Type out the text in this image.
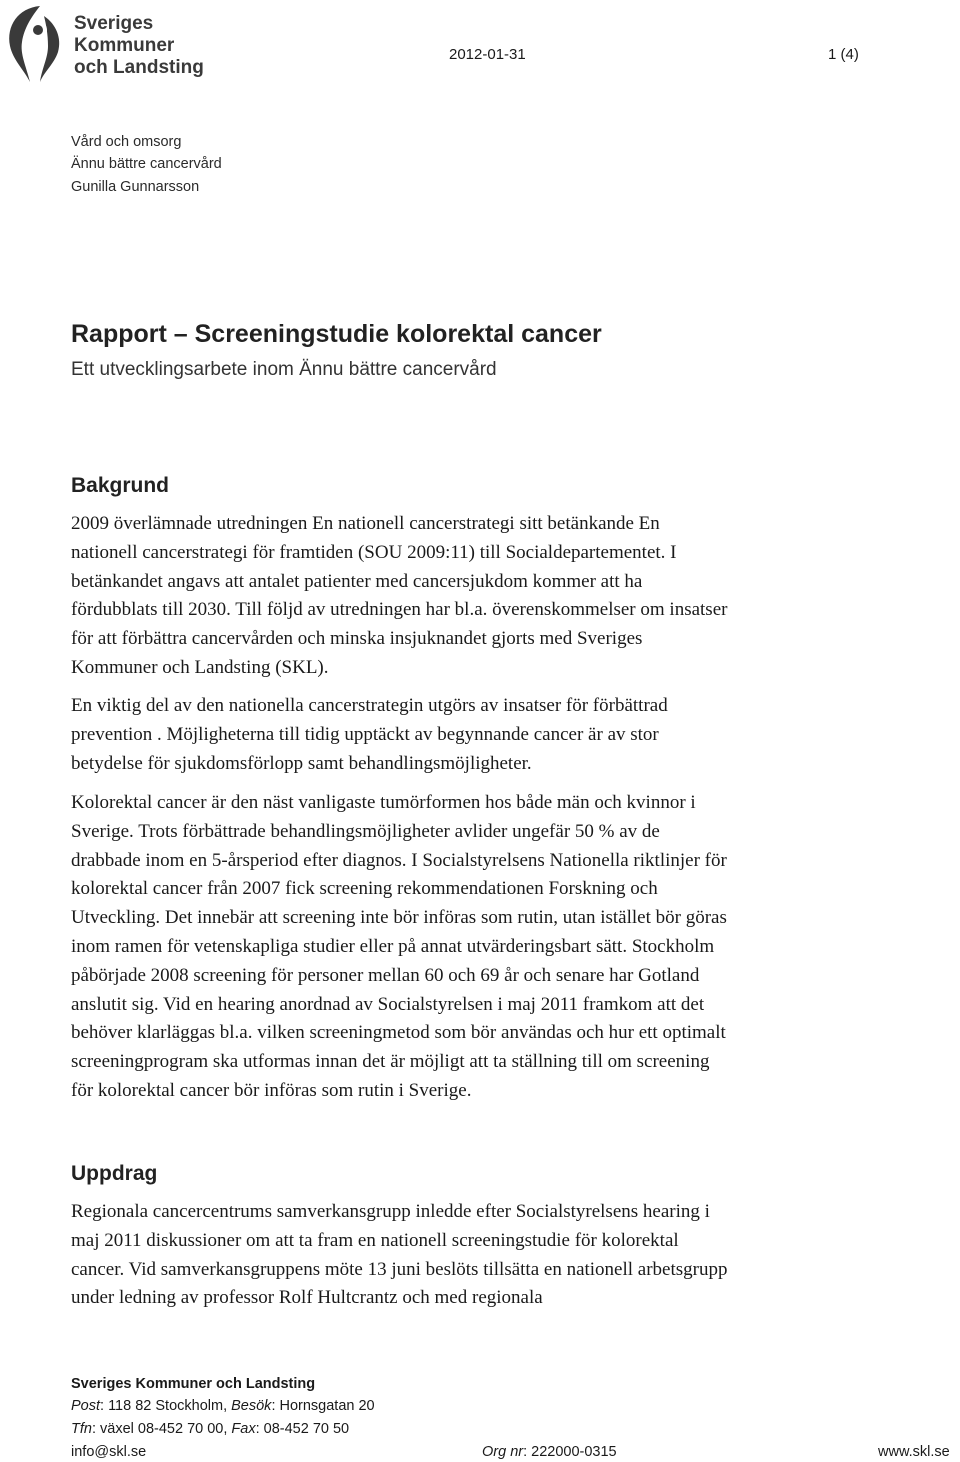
Sveriges
Kommuner
och Landsting
2012-01-31	1 (4)
Vård och omsorg
Ännu bättre cancervård
Gunilla Gunnarsson
Rapport – Screeningstudie kolorektal cancer
Ett utvecklingsarbete inom Ännu bättre cancervård
Bakgrund
2009 överlämnade utredningen En nationell cancerstrategi sitt betänkande En
nationell cancerstrategi för framtiden (SOU 2009:11) till Socialdepartementet. I
betänkandet angavs att antalet patienter med cancersjukdom kommer att ha
fördubblats till 2030. Till följd av utredningen har bl.a. överenskommelser om insatser
för att förbättra cancervården och minska insjuknandet gjorts med Sveriges
Kommuner och Landsting (SKL).
En viktig del av den nationella cancerstrategin utgörs av insatser för förbättrad
prevention . Möjligheterna till tidig upptäckt av begynnande cancer är av stor
betydelse för sjukdomsförlopp samt behandlingsmöjligheter.
Kolorektal cancer är den näst vanligaste tumörformen hos både män och kvinnor i
Sverige. Trots förbättrade behandlingsmöjligheter avlider ungefär 50 % av de
drabbade inom en 5-årsperiod efter diagnos. I Socialstyrelsens Nationella riktlinjer för
kolorektal cancer från 2007 fick screening rekommendationen Forskning och
Utveckling. Det innebär att screening inte bör införas som rutin, utan istället bör göras
inom ramen för vetenskapliga studier eller på annat utvärderingsbart sätt. Stockholm
påbörjade 2008 screening för personer mellan 60 och 69 år och senare har Gotland
anslutit sig. Vid en hearing anordnad av Socialstyrelsen i maj 2011 framkom att det
behöver klarläggas bl.a. vilken screeningmetod som bör användas och hur ett optimalt
screeningprogram ska utformas innan det är möjligt att ta ställning till om screening
för kolorektal cancer bör införas som rutin i Sverige.
Uppdrag
Regionala cancercentrums samverkansgrupp inledde efter Socialstyrelsens hearing i
maj 2011 diskussioner om att ta fram en nationell screeningstudie för kolorektal
cancer. Vid samverkansgruppens möte 13 juni beslöts tillsätta en nationell arbetsgrupp
under ledning av professor Rolf Hultcrantz och med regionala
Sveriges Kommuner och Landsting
Post: 118 82 Stockholm, Besök: Hornsgatan 20
Tfn: växel 08-452 70 00, Fax: 08-452 70 50
info@skl.se	Org nr: 222000-0315	www.skl.se
